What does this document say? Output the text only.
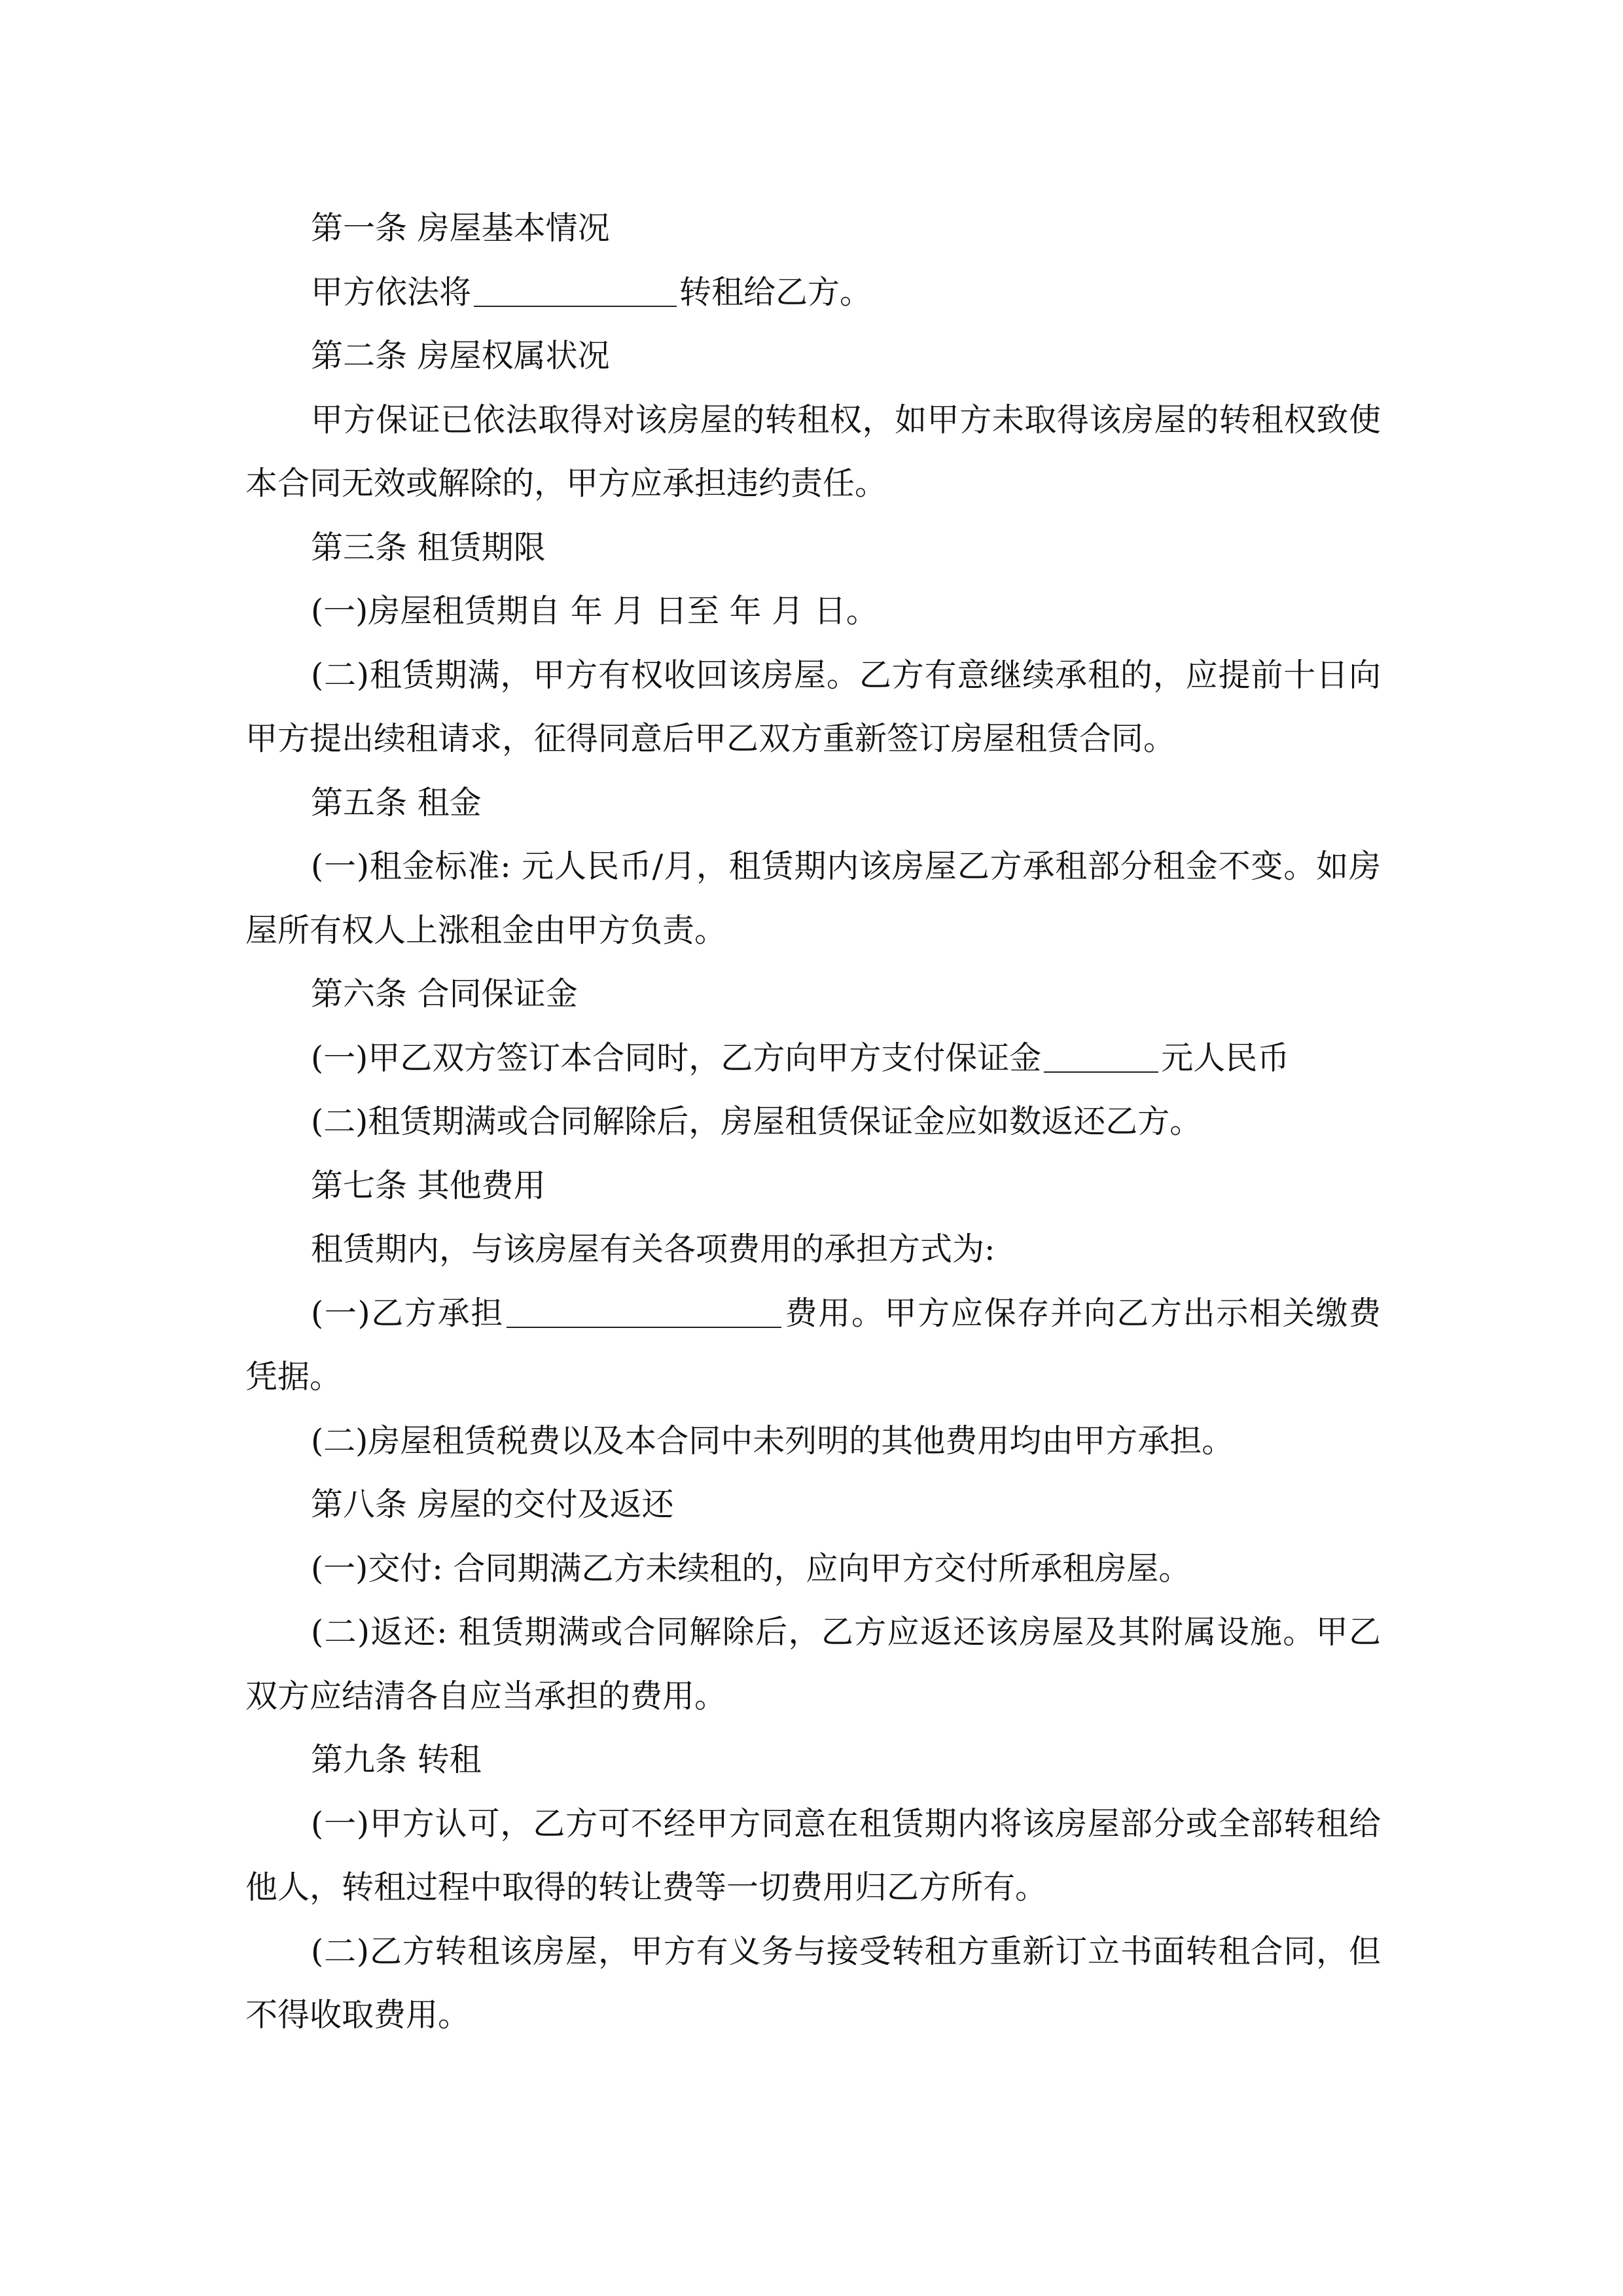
第一条 房屋基本情况

甲方依法将	转租给乙方。

第二条 房屋权属状况

甲方保证已依法取得对该房屋的转租权，如甲方未取得该房屋的转租权致使本合同无效或解除的，甲方应承担违约责任。

第三条 租赁期限

(一)房屋租赁期自 年 月 日至 年 月 日。

(二)租赁期满，甲方有权收回该房屋。乙方有意继续承租的，应提前十日向甲方提出续租请求，征得同意后甲乙双方重新签订房屋租赁合同。

第五条 租金

(一)租金标准: 元人民币/月，租赁期内该房屋乙方承租部分租金不变。如房屋所有权人上涨租金由甲方负责。

第六条 合同保证金

(一)甲乙双方签订本合同时，乙方向甲方支付保证金	元人民币

(二)租赁期满或合同解除后，房屋租赁保证金应如数返还乙方。

第七条 其他费用

租赁期内，与该房屋有关各项费用的承担方式为:

(一)乙方承担	费用。甲方应保存并向乙方出示相关缴费凭据。

(二)房屋租赁税费以及本合同中未列明的其他费用均由甲方承担。

第八条 房屋的交付及返还

(一)交付: 合同期满乙方未续租的，应向甲方交付所承租房屋。

(二)返还: 租赁期满或合同解除后，乙方应返还该房屋及其附属设施。甲乙双方应结清各自应当承担的费用。

第九条 转租

(一)甲方认可，乙方可不经甲方同意在租赁期内将该房屋部分或全部转租给他人，转租过程中取得的转让费等一切费用归乙方所有。

(二)乙方转租该房屋，甲方有义务与接受转租方重新订立书面转租合同，但不得收取费用。
